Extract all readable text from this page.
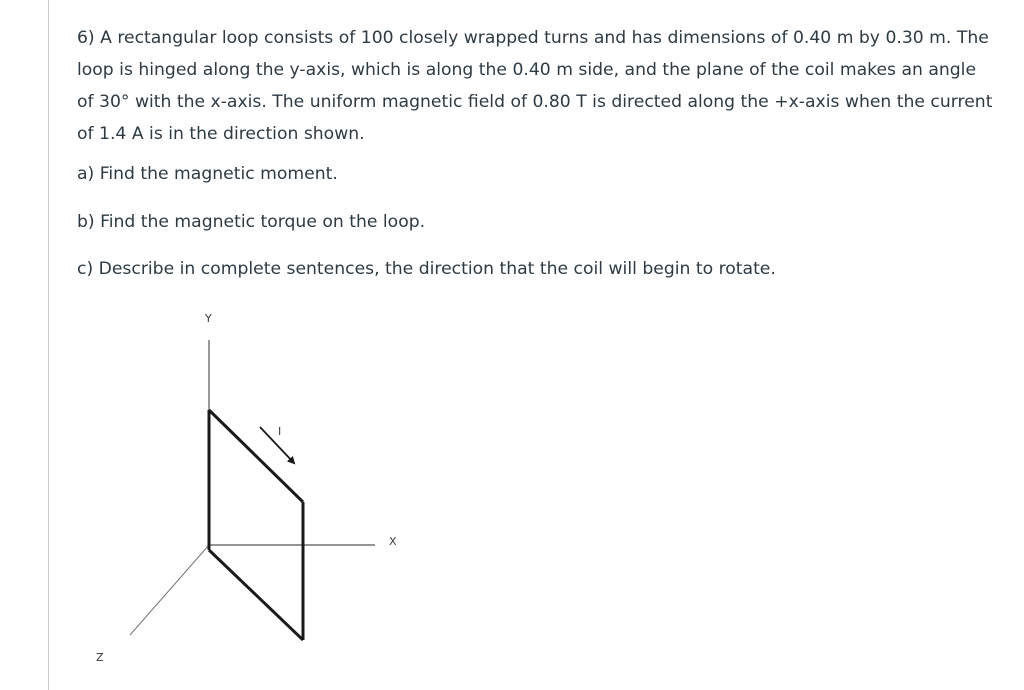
6) A rectangular loop consists of 100 closely wrapped turns and has dimensions of 0.40 m by 0.30 m. The loop is hinged along the y-axis, which is along the 0.40 m side, and the plane of the coil makes an angle of 30° with the x-axis. The uniform magnetic field of 0.80 T is directed along the +x-axis when the current of 1.4 A is in the direction shown.

a) Find the magnetic moment.

b) Find the magnetic torque on the loop.

c) Describe in complete sentences, the direction that the coil will begin to rotate.

Y
I
X
Z
